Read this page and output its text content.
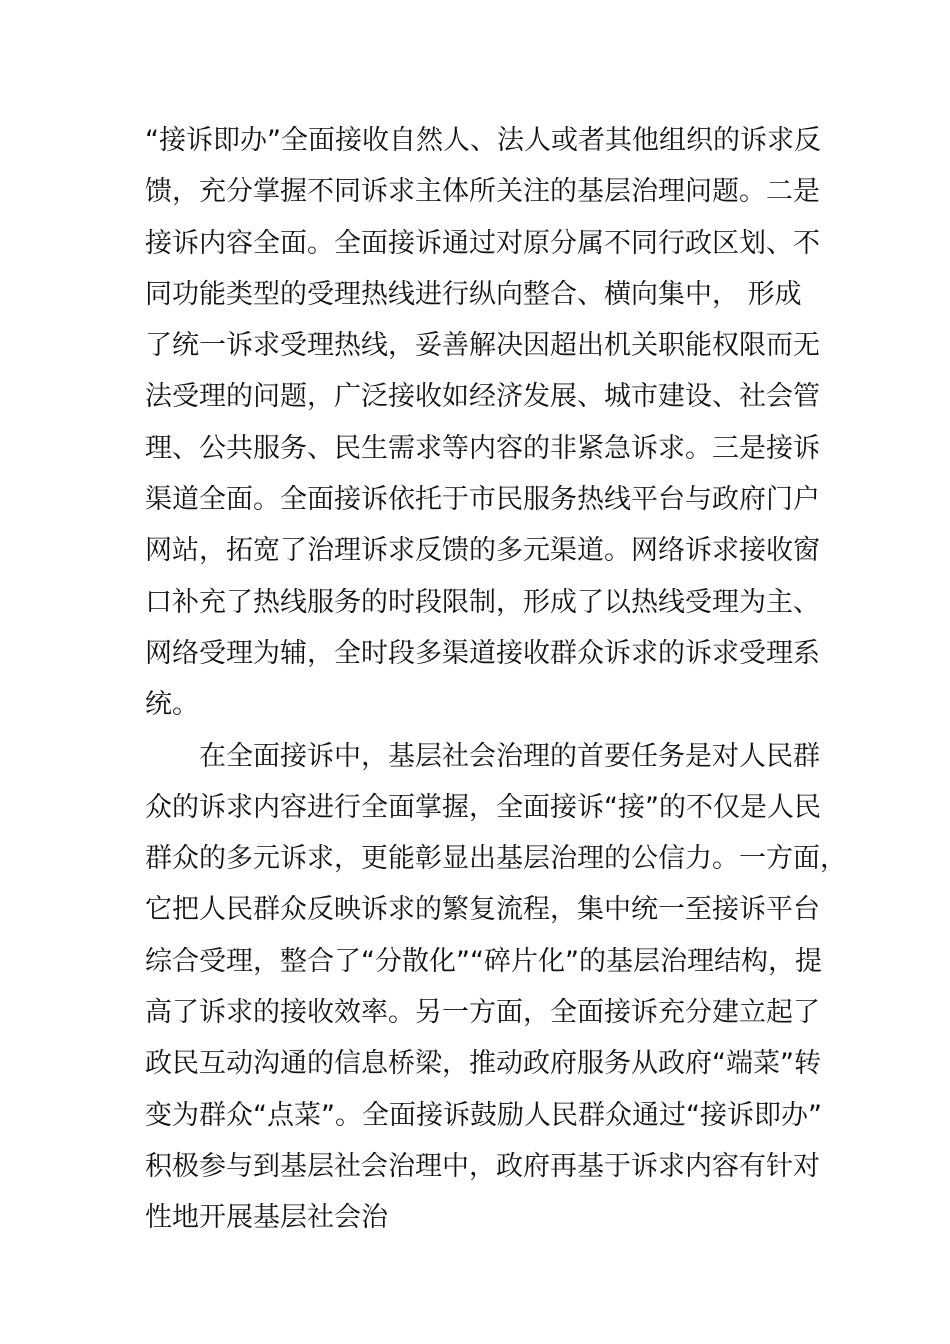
“接诉即办”全面接收自然人、法人或者其他组织的诉求反
馈，充分掌握不同诉求主体所关注的基层治理问题。二是
接诉内容全面。全面接诉通过对原分属不同行政区划、不
同功能类型的受理热线进行纵向整合、横向集中， 形成
了统一诉求受理热线，妥善解决因超出机关职能权限而无
法受理的问题，广泛接收如经济发展、城市建设、社会管
理、公共服务、民生需求等内容的非紧急诉求。三是接诉
渠道全面。全面接诉依托于市民服务热线平台与政府门户
网站，拓宽了治理诉求反馈的多元渠道。网络诉求接收窗
口补充了热线服务的时段限制，形成了以热线受理为主、
网络受理为辅，全时段多渠道接收群众诉求的诉求受理系
统。
在全面接诉中，基层社会治理的首要任务是对人民群
众的诉求内容进行全面掌握，全面接诉“接”的不仅是人民
群众的多元诉求，更能彰显出基层治理的公信力。一方面，
它把人民群众反映诉求的繁复流程，集中统一至接诉平台
综合受理，整合了“分散化”“碎片化”的基层治理结构，提
高了诉求的接收效率。另一方面，全面接诉充分建立起了
政民互动沟通的信息桥梁，推动政府服务从政府“端菜”转
变为群众“点菜”。全面接诉鼓励人民群众通过“接诉即办”
积极参与到基层社会治理中，政府再基于诉求内容有针对
性地开展基层社会治
